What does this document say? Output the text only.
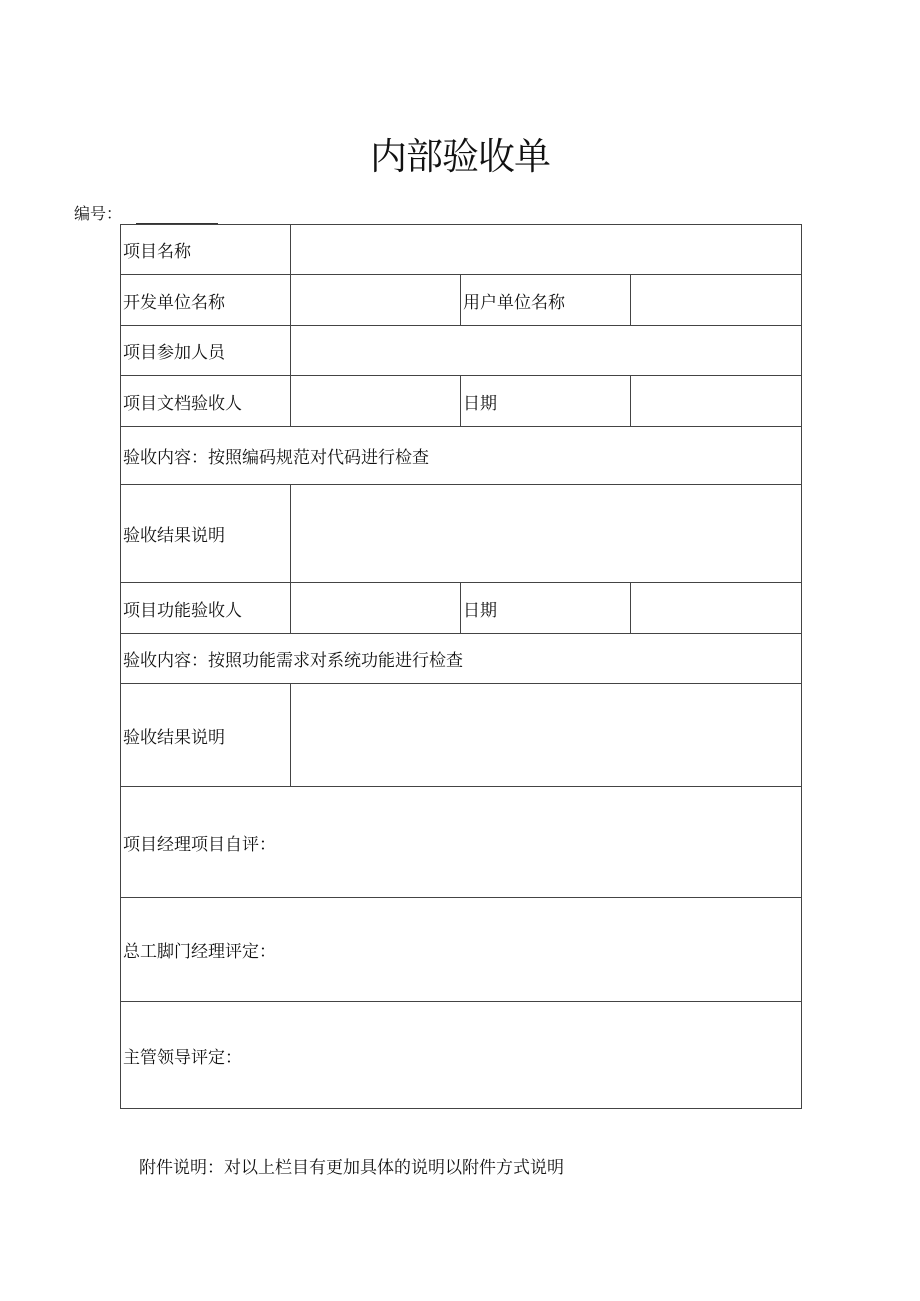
内部验收单
编号：
项目名称			
开发单位名称		用户单位名称	
项目参加人员			
项目文档验收人		日期	
验收内容：按照编码规范对代码进行检查			
验收结果说明			
项目功能验收人		日期	
验收内容：按照功能需求对系统功能进行检查			
验收结果说明			
项目经理项目自评：			
总工脚门经理评定：			
主管领导评定：			
附件说明：对以上栏目有更加具体的说明以附件方式说明
